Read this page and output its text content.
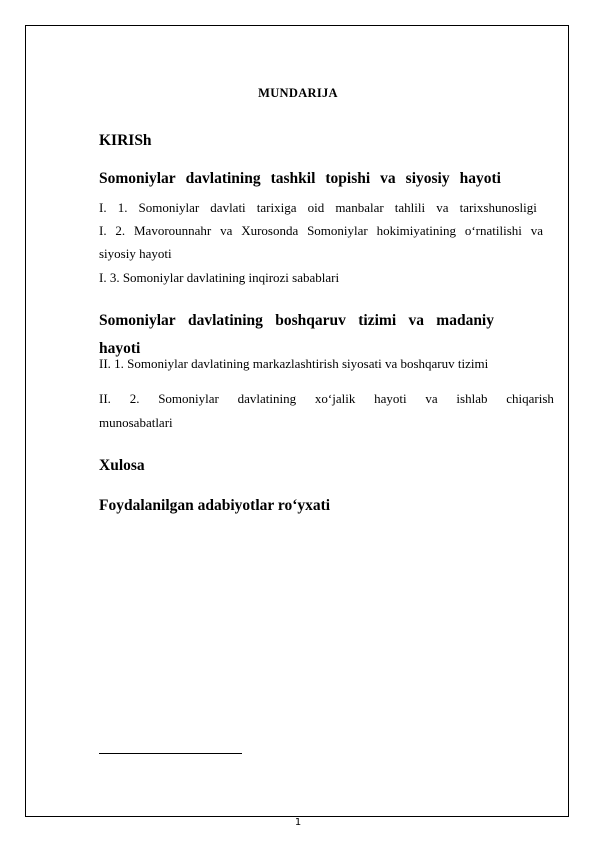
MUNDARIJA
KIRISh
Somoniylar davlatining tashkil topishi va siyosiy hayoti
I. 1. Somoniylar davlati tarixiga oid manbalar tahlili va tarixshunosligi
I. 2. Mavorounnahr va Xurosonda Somoniylar hokimiyatining o‘rnatilishi va
siyosiy hayoti
I. 3. Somoniylar davlatining inqirozi sabablari
Somoniylar davlatining boshqaruv tizimi va madaniy
hayoti
II. 1. Somoniylar davlatining markazlashtirish siyosati va boshqaruv tizimi
II. 2. Somoniylar davlatining xo‘jalik hayoti va ishlab chiqarish
munosabatlari
Xulosa
Foydalanilgan adabiyotlar ro‘yxati
1
